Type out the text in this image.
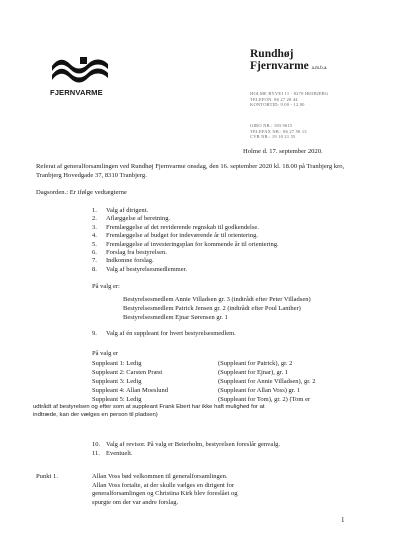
FJERNVARME
Rundhøj
Fjernvarme a.m.b.a.
HOLME BYVEJ 11 · 8270 HØJBJERG
TELEFON: 86 27 28 44
KONTORTID: 9.00 - 12.00
GIRO NR.: 183 9615
TELEFAX NR.: 86 27 58 13
CVR NR.: 19 10 21 55
Holme d. 17. september 2020.
Referat af generalforsamlingen ved Rundhøj Fjernvarme onsdag, den 16. september 2020 kl. 18.00 på Tranbjerg kro, Tranbjerg Hovedgade 37, 8310 Tranbjerg.
Dagsorden.: Er ifølge vedtægterne
1. Valg af dirigent.
2. Aflæggelse af beretning.
3. Fremlæggelse af det reviderende regnskab til godkendelse.
4. Fremlæggelse af budget for indeværende år til orientering.
5. Fremlæggelse af investeringsplan for kommende år til orientering.
6. Forslag fra bestyrelsen.
7. Indkomne forslag.
8. Valg af bestyrelsesmedlemmer.
På valg er:
Bestyrelsesmedlem Annie Villadsen gr. 3 (indtrådt efter Peter Villadsen)
Bestyrelsesmedlem Patrick Jensen gr. 2 (indtrådt efter Poul Lanther)
Bestyrelsesmedlem Ejnar Sørensen gr. 1
9. Valg af én suppleant for hvert bestyrelsesmedlem.
På valg er
Suppleant 1: Ledig
Suppleant 2: Carsten Præst
Suppleant 3: Ledig
Suppleant 4: Allan Moeslund
Suppleant 5: Ledig
(Suppleant for Patrick), gr. 2
(Suppleant for Ejnar), gr. 1
(Suppleant for Annie Villadsen), gr. 2
(Suppleant for Allan Voss) gr. 1
(Suppleant for Tom), gr. 2) (Tom er
udtrådt af bestyrelsen og efter som at suppleant Frank Ebert har ikke haft mulighed for at
indtræde, kan der vælges en person til pladsen)
10. Valg af revisor. På valg er Beierholm, bestyrelsen foreslår genvalg.
11. Eventuelt.
Punkt 1.	Allan Voss bød velkommen til generalforsamlingen.
Allan Voss fortalte, at der skulle vælges en dirigent for
generalforsamlingen og Christina Kirk blev foreslået og
spurgte om der var andre forslag.
1
